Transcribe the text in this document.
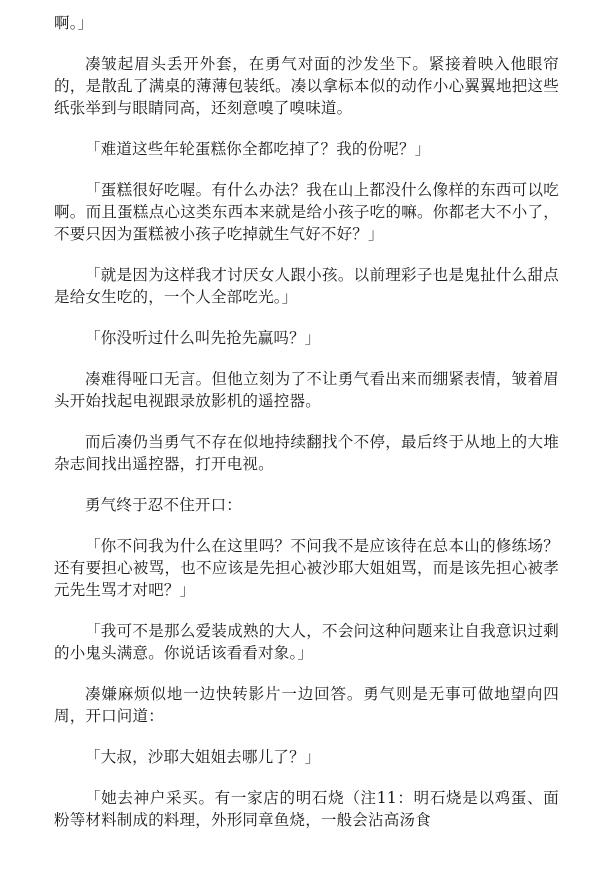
啊。」

凑皱起眉头丢开外套，在勇气对面的沙发坐下。紧接着映入他眼帘的，是散乱了满桌的薄薄包装纸。凑以拿标本似的动作小心翼翼地把这些纸张举到与眼睛同高，还刻意嗅了嗅味道。

「难道这些年轮蛋糕你全都吃掉了？我的份呢？」

「蛋糕很好吃喔。有什么办法？我在山上都没什么像样的东西可以吃啊。而且蛋糕点心这类东西本来就是给小孩子吃的嘛。你都老大不小了，不要只因为蛋糕被小孩子吃掉就生气好不好？」

「就是因为这样我才讨厌女人跟小孩。以前理彩子也是鬼扯什么甜点是给女生吃的，一个人全部吃光。」

「你没听过什么叫先抢先赢吗？」

凑难得哑口无言。但他立刻为了不让勇气看出来而绷紧表情，皱着眉头开始找起电视跟录放影机的遥控器。

而后凑仍当勇气不存在似地持续翻找个不停，最后终于从地上的大堆杂志间找出遥控器，打开电视。

勇气终于忍不住开口：

「你不问我为什么在这里吗？不问我不是应该待在总本山的修练场？还有要担心被骂，也不应该是先担心被沙耶大姐姐骂，而是该先担心被孝元先生骂才对吧？」

「我可不是那么爱装成熟的大人，不会问这种问题来让自我意识过剩的小鬼头满意。你说话该看看对象。」

凑嫌麻烦似地一边快转影片一边回答。勇气则是无事可做地望向四周，开口问道：

「大叔，沙耶大姐姐去哪儿了？」

「她去神户采买。有一家店的明石烧（注11：明石烧是以鸡蛋、面粉等材料制成的料理，外形同章鱼烧，一般会沾高汤食
